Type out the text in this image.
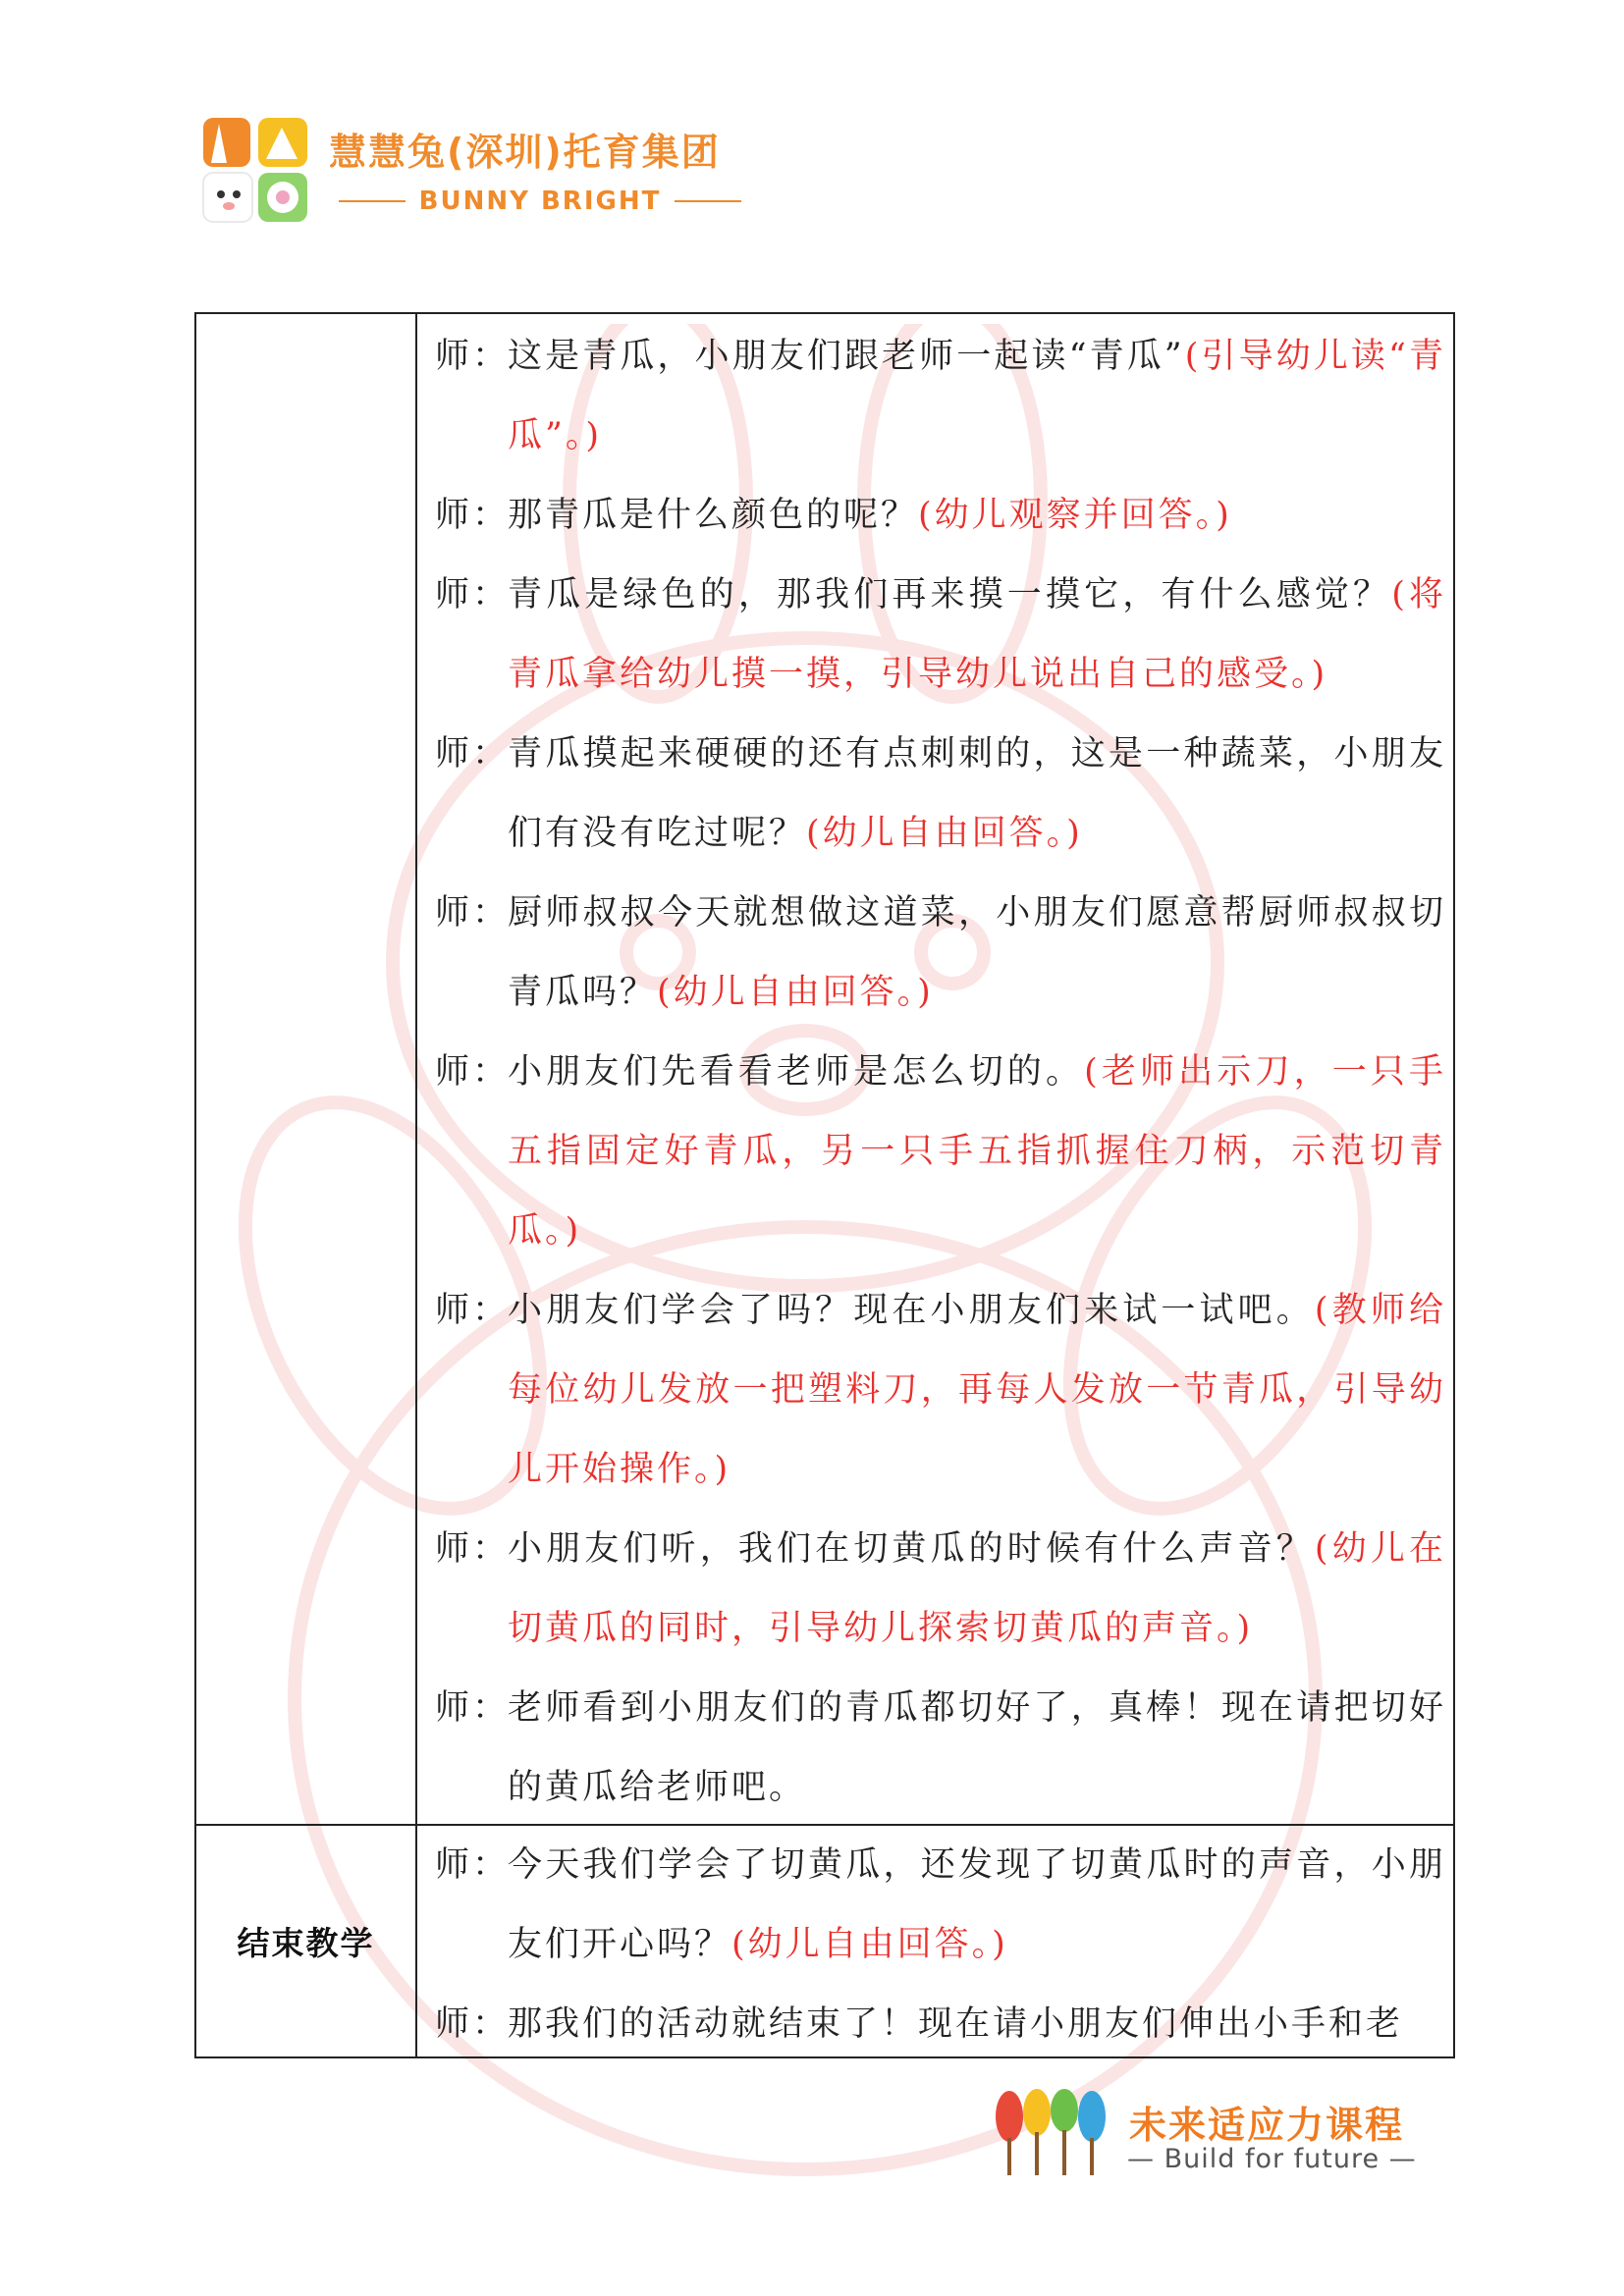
慧慧兔(深圳)托育集团
BUNNY BRIGHT
师：
这是青瓜，小朋友们跟老师一起读“青瓜”(引导幼儿读“青瓜”。)
师：
那青瓜是什么颜色的呢？(幼儿观察并回答。)
师：
青瓜是绿色的，那我们再来摸一摸它，有什么感觉？(将青瓜拿给幼儿摸一摸，引导幼儿说出自己的感受。)
师：
青瓜摸起来硬硬的还有点刺刺的，这是一种蔬菜，小朋友们有没有吃过呢？(幼儿自由回答。)
师：
厨师叔叔今天就想做这道菜，小朋友们愿意帮厨师叔叔切青瓜吗？(幼儿自由回答。)
师：
小朋友们先看看老师是怎么切的。(老师出示刀，一只手五指固定好青瓜，另一只手五指抓握住刀柄，示范切青瓜。)
师：
小朋友们学会了吗？现在小朋友们来试一试吧。(教师给每位幼儿发放一把塑料刀，再每人发放一节青瓜，引导幼儿开始操作。)
师：
小朋友们听，我们在切黄瓜的时候有什么声音？(幼儿在切黄瓜的同时，引导幼儿探索切黄瓜的声音。)
师：
老师看到小朋友们的青瓜都切好了，真棒！现在请把切好的黄瓜给老师吧。
结束教学
师：
今天我们学会了切黄瓜，还发现了切黄瓜时的声音，小朋友们开心吗？(幼儿自由回答。)
师：
那我们的活动就结束了！现在请小朋友们伸出小手和老
未来适应力课程
— Build for future —
